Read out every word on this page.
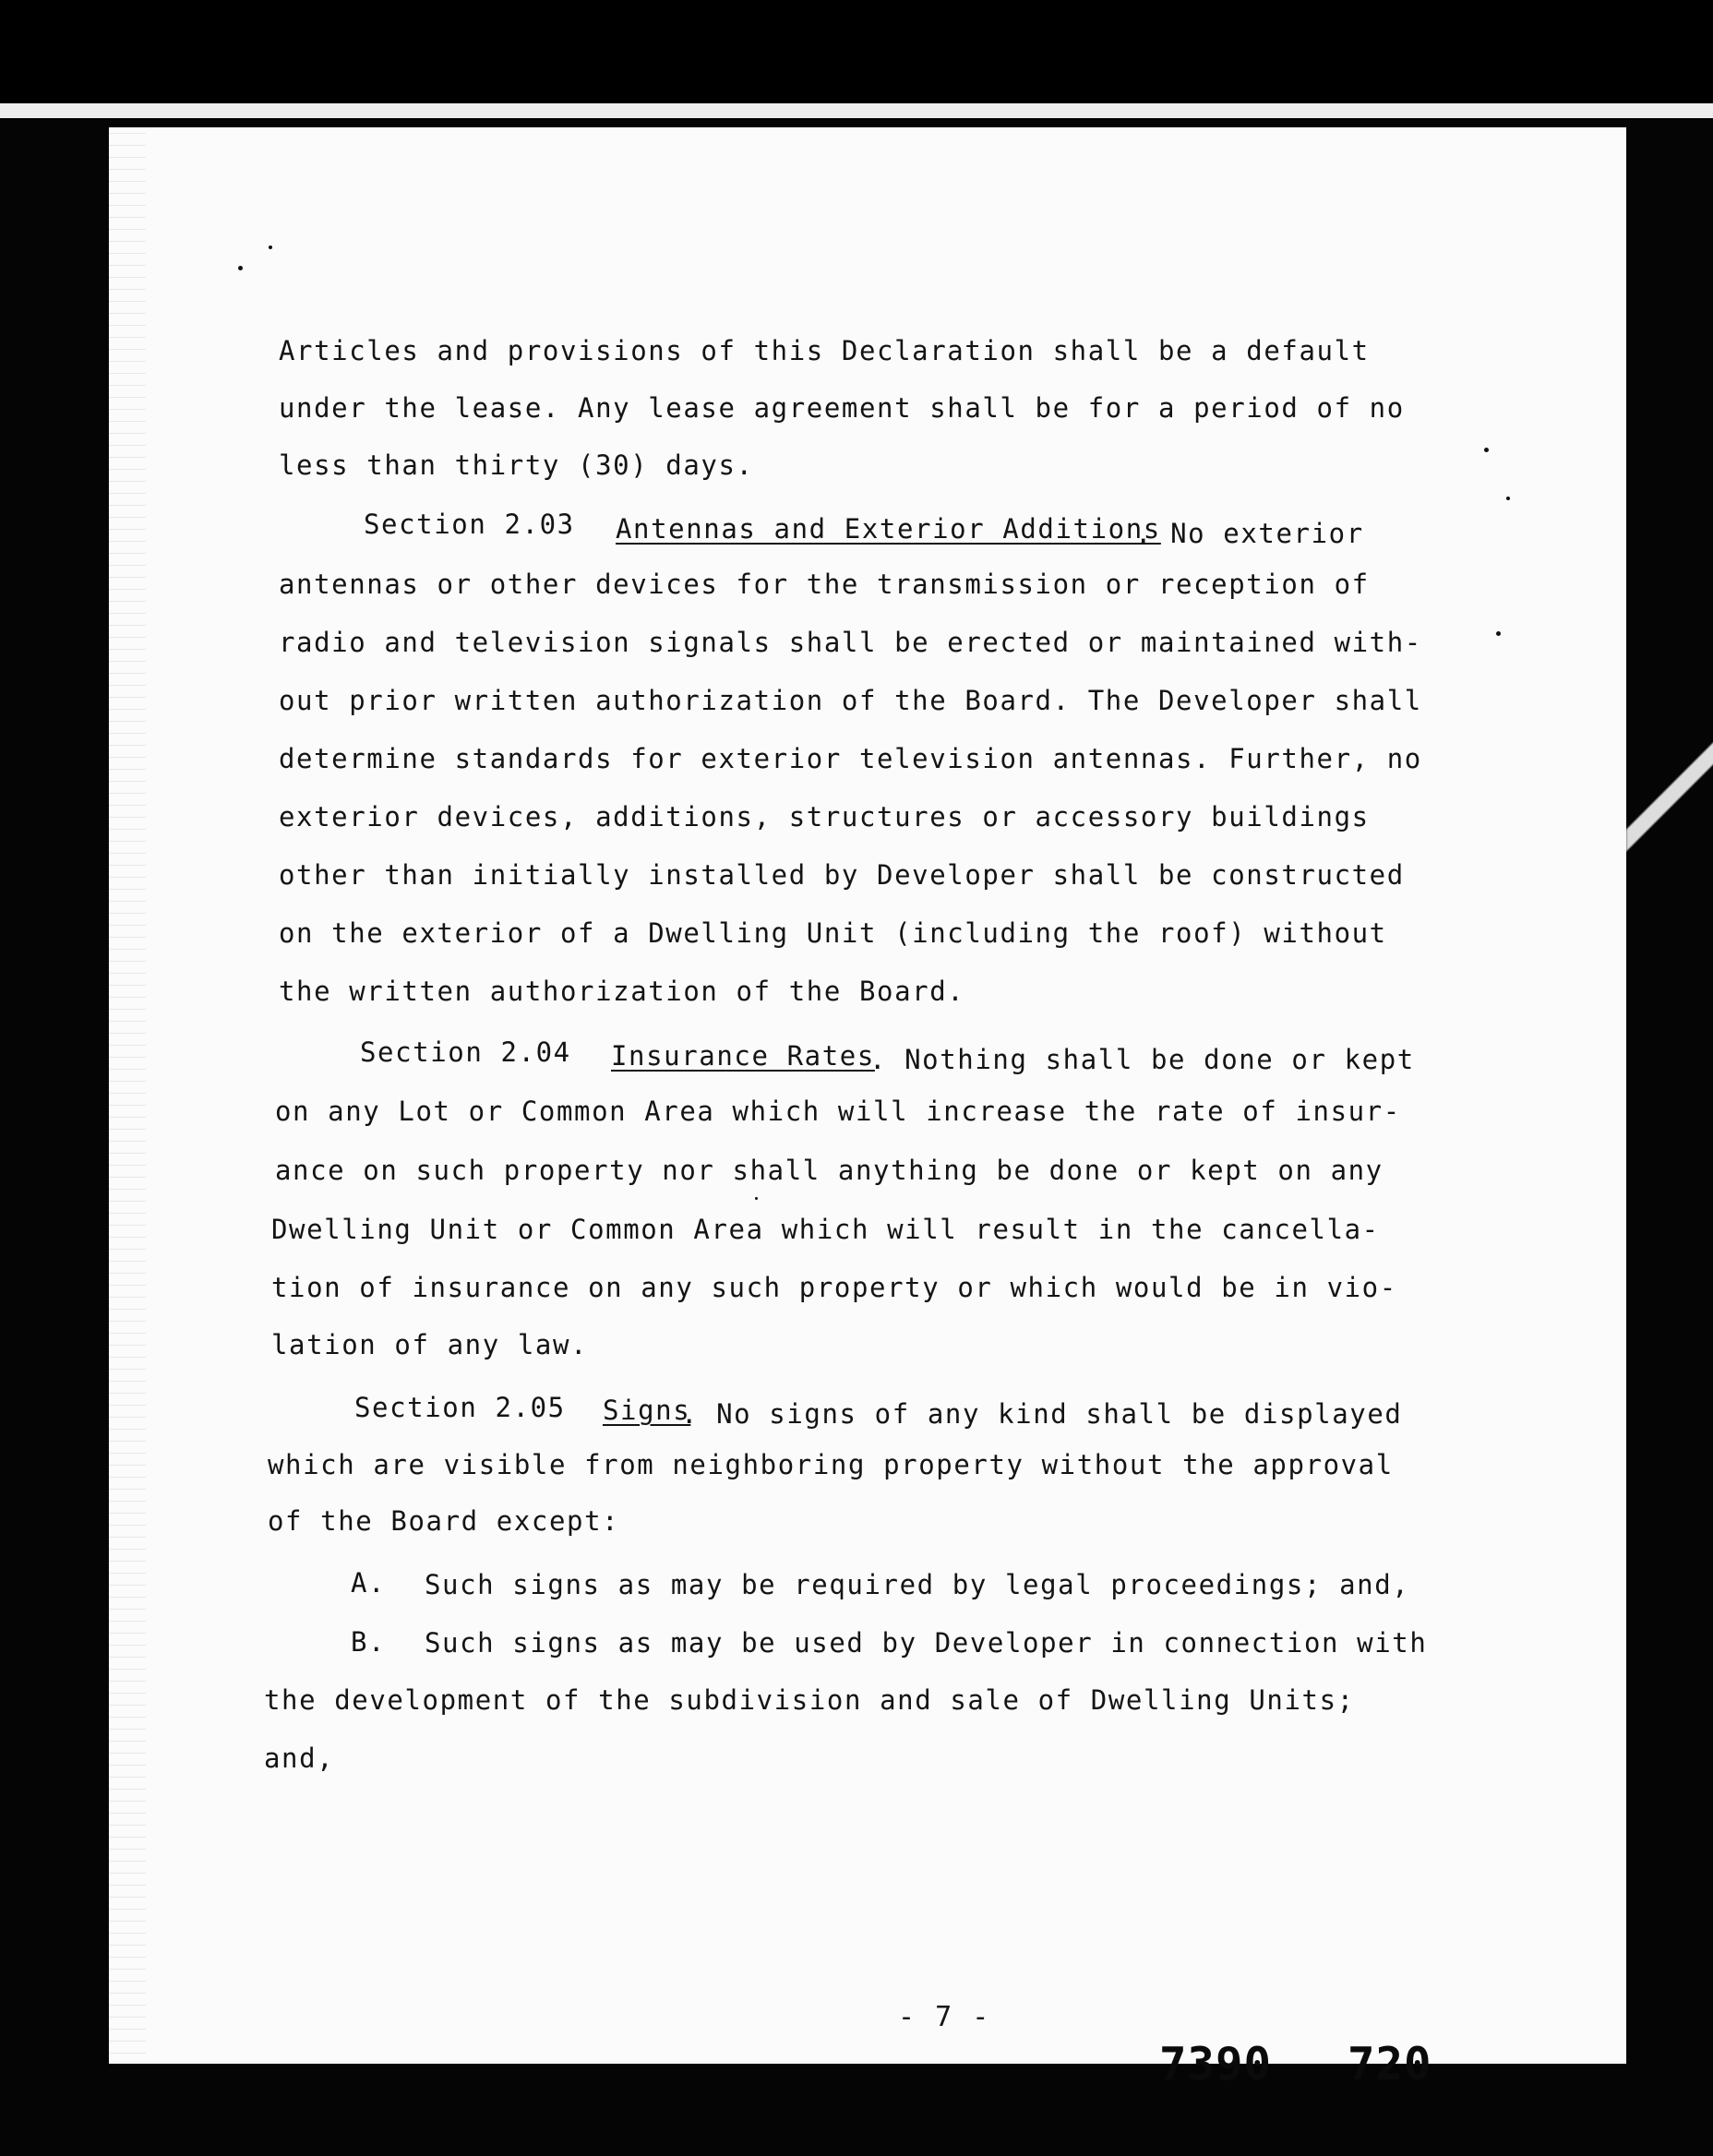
Articles and provisions of this Declaration shall be a default
under the lease. Any lease agreement shall be for a period of no
less than thirty (30) days.
Section 2.03 Antennas and Exterior Additions
. No exterior
antennas or other devices for the transmission or reception of
radio and television signals shall be erected or maintained with-
out prior written authorization of the Board. The Developer shall
determine standards for exterior television antennas. Further, no
exterior devices, additions, structures or accessory buildings
other than initially installed by Developer shall be constructed
on the exterior of a Dwelling Unit (including the roof) without
the written authorization of the Board.
Section 2.04 Insurance Rates
. Nothing shall be done or kept
on any Lot or Common Area which will increase the rate of insur-
ance on such property nor shall anything be done or kept on any
Dwelling Unit or Common Area which will result in the cancella-
tion of insurance on any such property or which would be in vio-
lation of any law.
Section 2.05 Signs
. No signs of any kind shall be displayed
which are visible from neighboring property without the approval
of the Board except:
A. Such signs as may be required by legal proceedings; and,
B. Such signs as may be used by Developer in connection with
the development of the subdivision and sale of Dwelling Units;
and,
- 7 -
7390 720
